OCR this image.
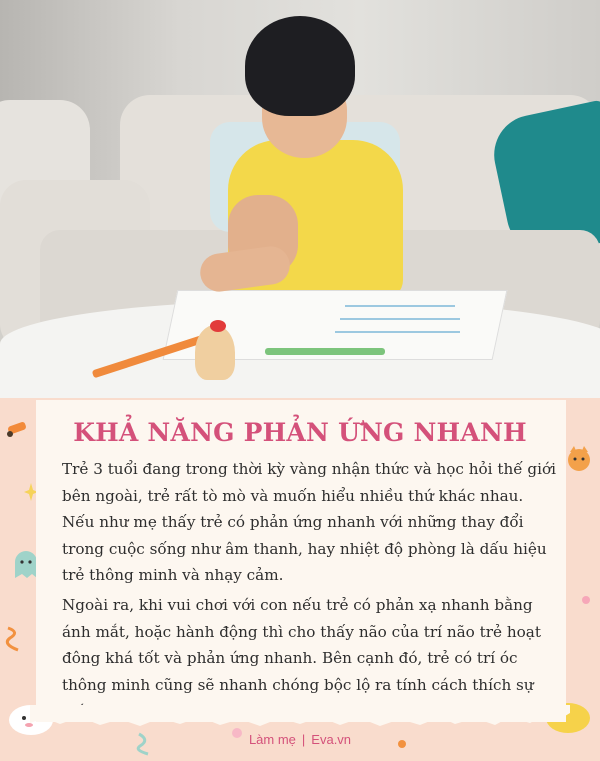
KHẢ NĂNG PHẢN ỨNG NHANH

Trẻ 3 tuổi đang trong thời kỳ vàng nhận thức và học hỏi thế giới bên ngoài, trẻ rất tò mò và muốn hiểu nhiều thứ khác nhau. Nếu như mẹ thấy trẻ có phản ứng nhanh với những thay đổi trong cuộc sống như âm thanh, hay nhiệt độ phòng là dấu hiệu trẻ thông minh và nhạy cảm.

Ngoài ra, khi vui chơi với con nếu trẻ có phản xạ nhanh bằng ánh mắt, hoặc hành động thì cho thấy não của trí não trẻ hoạt đông khá tốt và phản ứng nhanh. Bên cạnh đó, trẻ có trí óc thông minh cũng sẽ nhanh chóng bộc lộ ra tính cách thích sự

Làm mẹ | Eva.vn
